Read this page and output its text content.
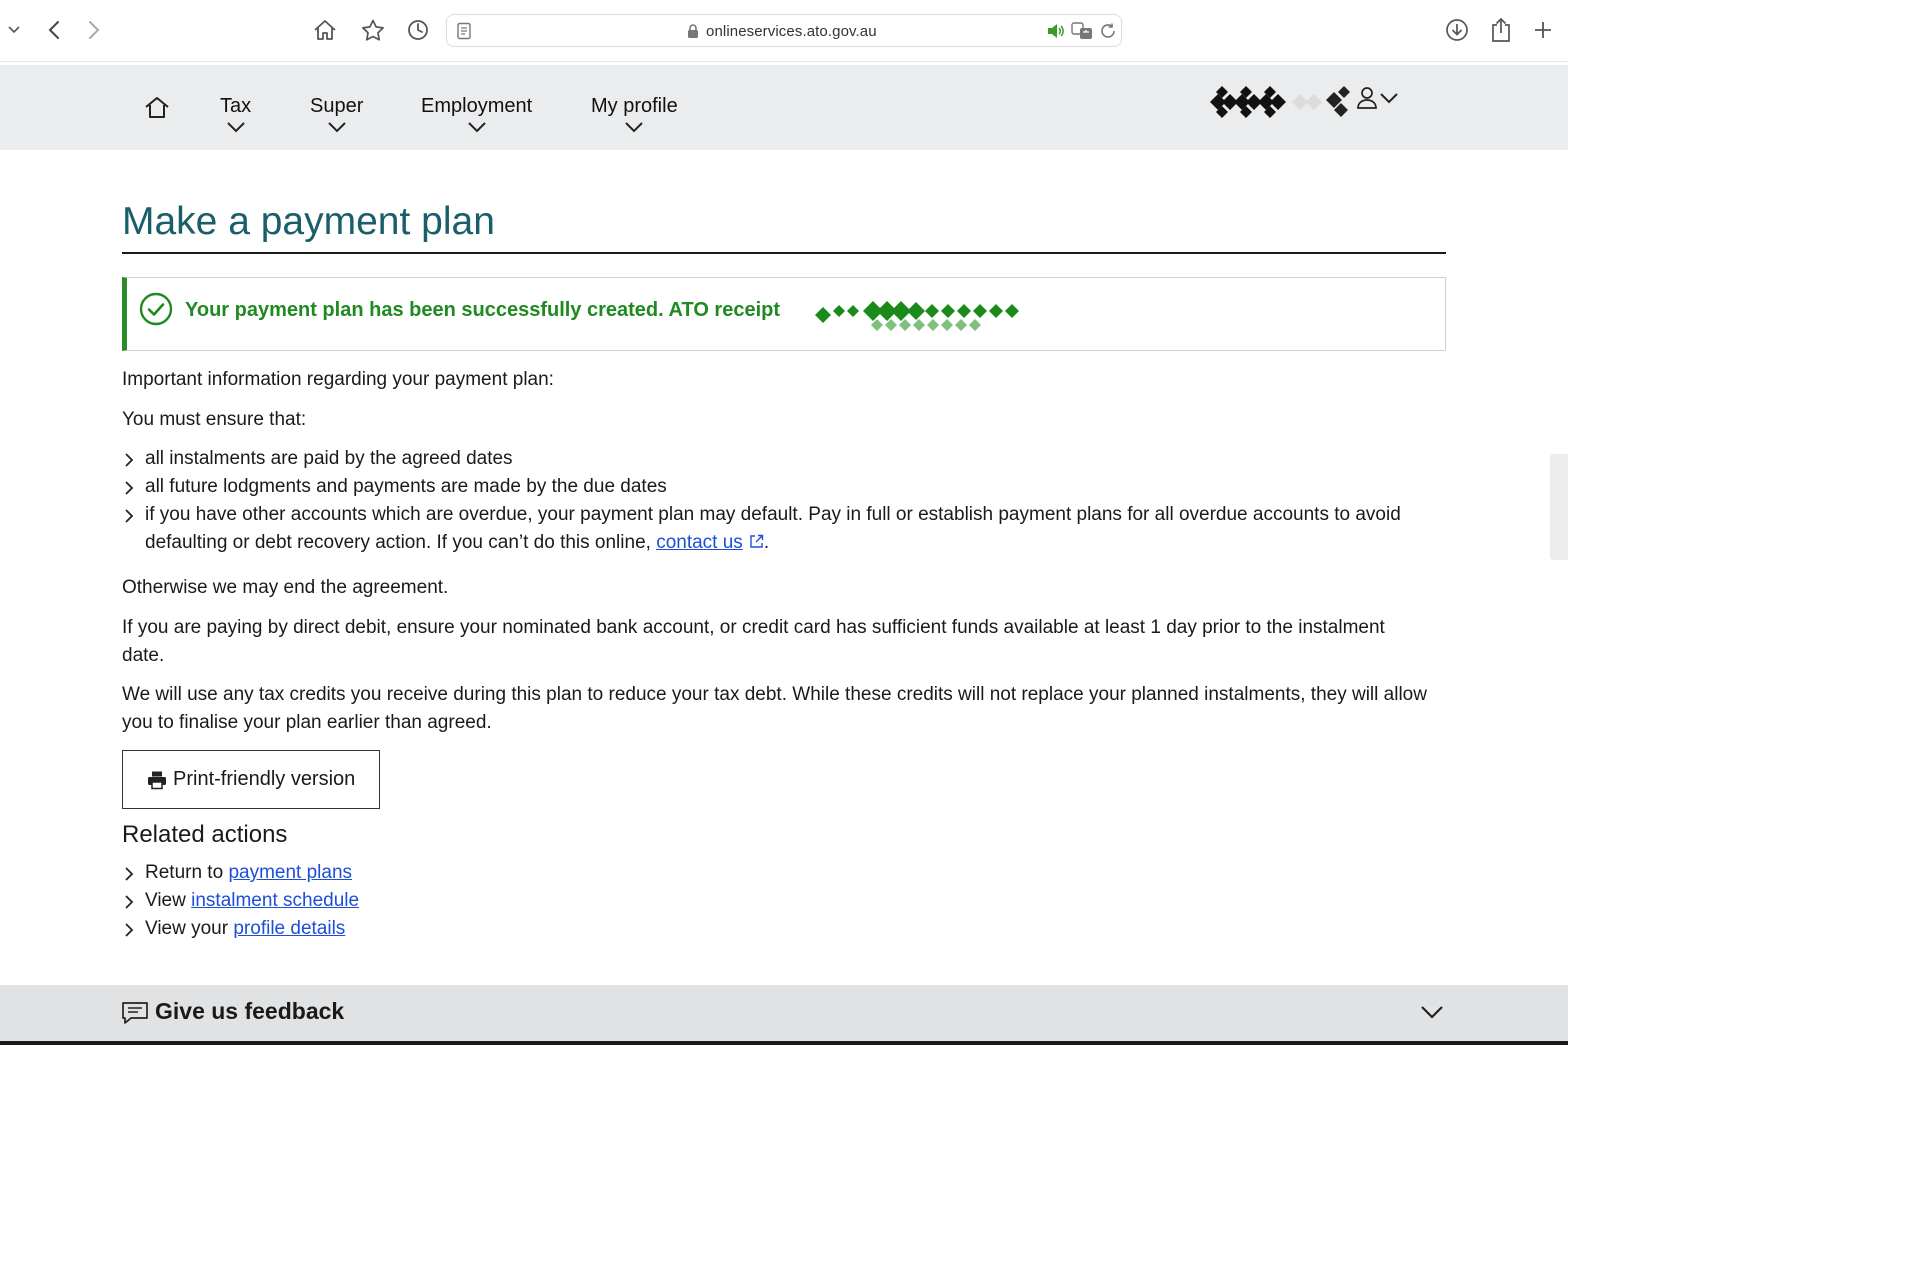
onlineservices.ato.gov.au
Tax	Super	Employment	My profile
Make a payment plan
Your payment plan has been successfully created. ATO receipt

Important information regarding your payment plan:

You must ensure that:

all instalments are paid by the agreed dates
all future lodgments and payments are made by the due dates
if you have other accounts which are overdue, your payment plan may default. Pay in full or establish payment plans for all overdue accounts to avoid defaulting or debt recovery action. If you can’t do this online, contact us .

Otherwise we may end the agreement.

If you are paying by direct debit, ensure your nominated bank account, or credit card has sufficient funds available at least 1 day prior to the instalment date.

We will use any tax credits you receive during this plan to reduce your tax debt. While these credits will not replace your planned instalments, they will allow you to finalise your plan earlier than agreed.

Print-friendly version
Related actions
Return to payment plans
View instalment schedule
View your profile details
Give us feedback
